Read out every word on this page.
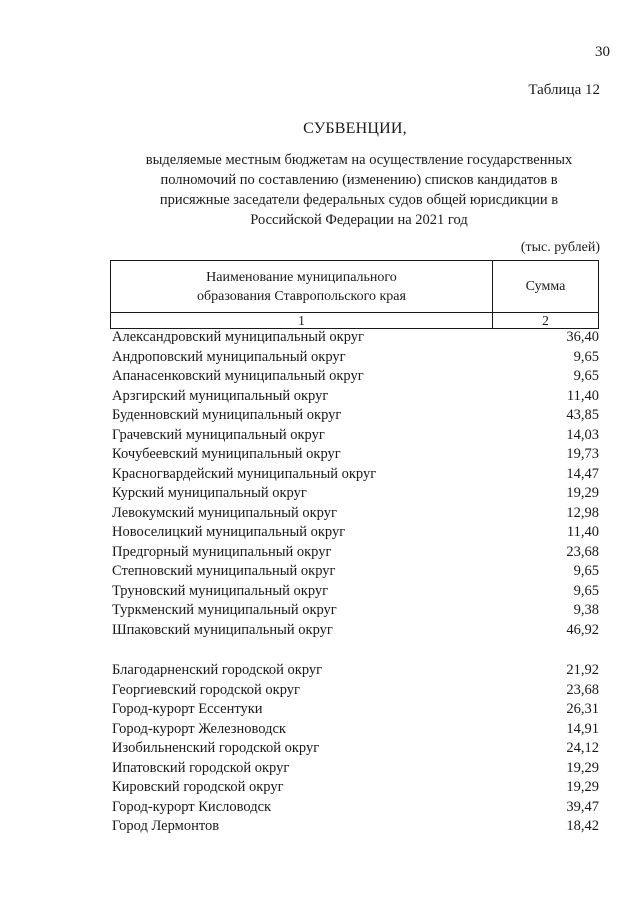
30
Таблица 12
СУБВЕНЦИИ,
выделяемые местным бюджетам на осуществление государственных
полномочий по составлению (изменению) списков кандидатов в
присяжные заседатели федеральных судов общей юрисдикции в
Российской Федерации на 2021 год
(тыс. рублей)
Наименование муниципального
образования Ставропольского края	Сумма
1	2
Александровский муниципальный округ	36,40
Андроповский муниципальный округ	9,65
Апанасенковский муниципальный округ	9,65
Арзгирский муниципальный округ	11,40
Буденновский муниципальный округ	43,85
Грачевский муниципальный округ	14,03
Кочубеевский муниципальный округ	19,73
Красногвардейский муниципальный округ	14,47
Курский муниципальный округ	19,29
Левокумский муниципальный округ	12,98
Новоселицкий муниципальный округ	11,40
Предгорный муниципальный округ	23,68
Степновский муниципальный округ	9,65
Труновский муниципальный округ	9,65
Туркменский муниципальный округ	9,38
Шпаковский муниципальный округ	46,92
Благодарненский городской округ	21,92
Георгиевский городской округ	23,68
Город-курорт Ессентуки	26,31
Город-курорт Железноводск	14,91
Изобильненский городской округ	24,12
Ипатовский городской округ	19,29
Кировский городской округ	19,29
Город-курорт Кисловодск	39,47
Город Лермонтов	18,42
